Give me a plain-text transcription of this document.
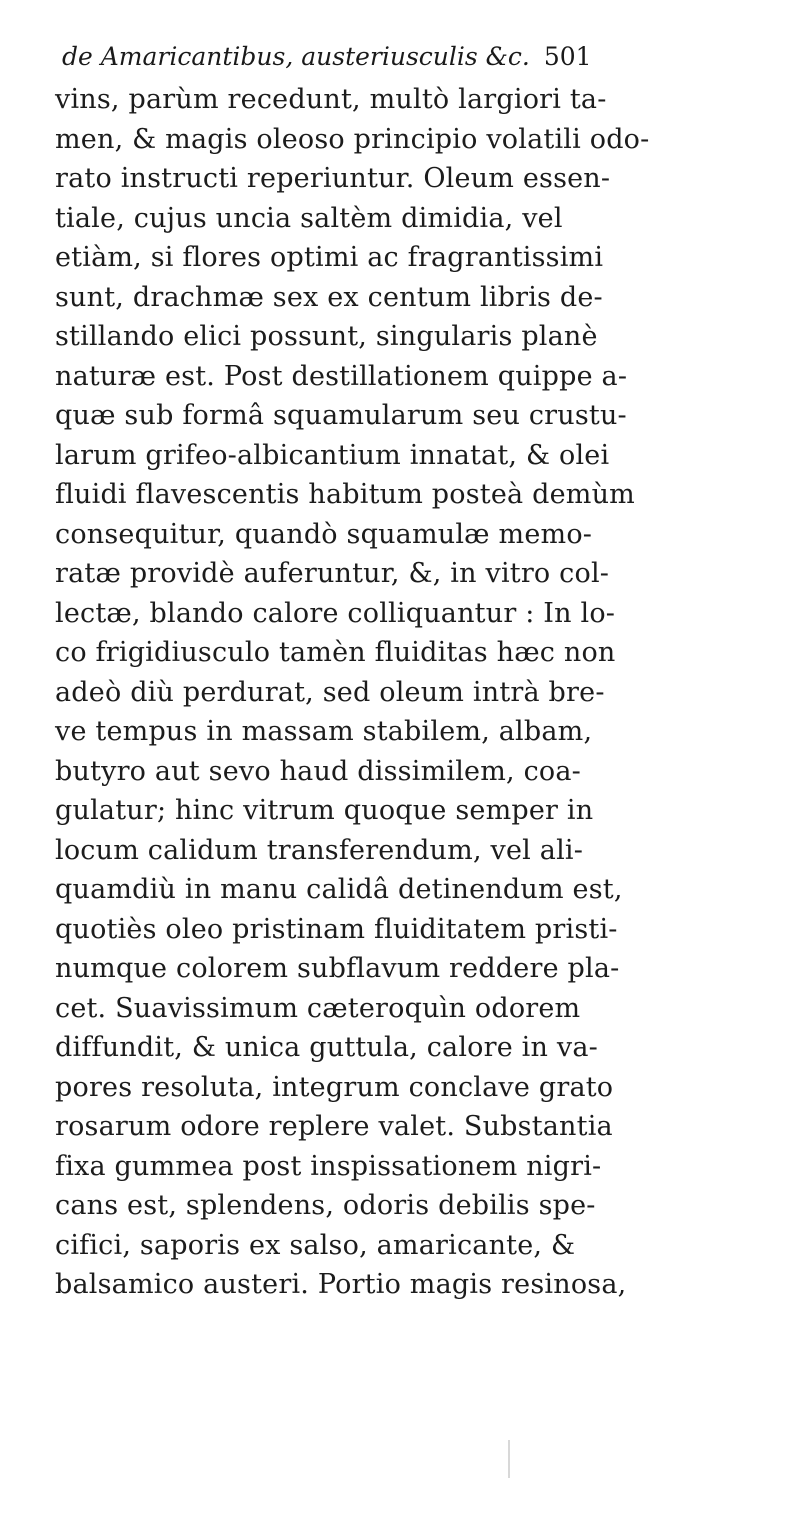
de Amaricantibus, austeriusculis &c. 501
vins, parùm recedunt, multò largiori ta-
men, & magis oleoso principio volatili odo-
rato instructi reperiuntur. Oleum essen-
tiale, cujus uncia saltèm dimidia, vel
etiàm, si flores optimi ac fragrantissimi
sunt, drachmæ sex ex centum libris de-
stillando elici possunt, singularis planè
naturæ est. Post destillationem quippe a-
quæ sub formâ squamularum seu crustu-
larum grifeo-albicantium innatat, & olei
fluidi flavescentis habitum posteà demùm
consequitur, quandò squamulæ memo-
ratæ providè auferuntur, &, in vitro col-
lectæ, blando calore colliquantur : In lo-
co frigidiusculo tamèn fluiditas hæc non
adeò diù perdurat, sed oleum intrà bre-
ve tempus in massam stabilem, albam,
butyro aut sevo haud dissimilem, coa-
gulatur; hinc vitrum quoque semper in
locum calidum transferendum, vel ali-
quamdiù in manu calidâ detinendum est,
quotiès oleo pristinam fluiditatem pristi-
numque colorem subflavum reddere pla-
cet. Suavissimum cæteroquìn odorem
diffundit, & unica guttula, calore in va-
pores resoluta, integrum conclave grato
rosarum odore replere valet. Substantia
fixa gummea post inspissationem nigri-
cans est, splendens, odoris debilis spe-
cifici, saporis ex salso, amaricante, &
balsamico austeri. Portio magis resinosa,
